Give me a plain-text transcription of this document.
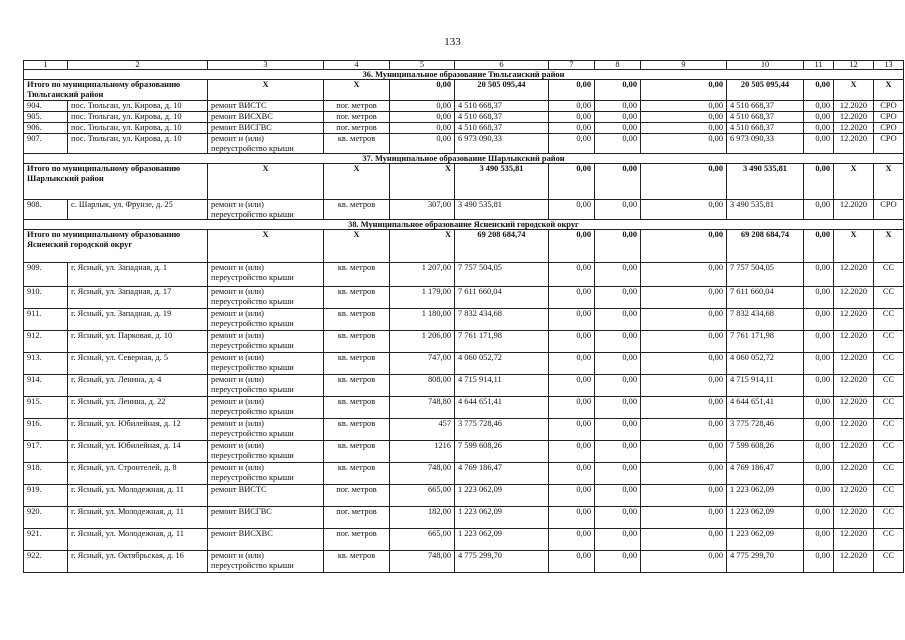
133
1	2	3	4	5	6	7	8	9	10	11	12	13
36. Муниципальное образование Тюльганский район												
Итого по муниципальному образованию Тюльганский район		Х	Х	0,00	20 505 095,44	0,00	0,00	0,00	20 505 095,44	0,00	Х	Х
904.	пос. Тюльган, ул. Кирова, д. 10	ремонт ВИСТС	пог. метров	0,00	4 510 668,37	0,00	0,00	0,00	4 510 668,37	0,00	12.2020	СРО
905.	пос. Тюльган, ул. Кирова, д. 10	ремонт ВИСХВС	пог. метров	0,00	4 510 668,37	0,00	0,00	0,00	4 510 668,37	0,00	12.2020	СРО
906.	пос. Тюльган, ул. Кирова, д. 10	ремонт ВИСГВС	пог. метров	0,00	4 510 668,37	0,00	0,00	0,00	4 510 668,37	0,00	12.2020	СРО
907.	пос. Тюльган, ул. Кирова, д. 10	ремонт и (или) переустройство крыши	кв. метров	0,00	6 973 090,33	0,00	0,00	0,00	6 973 090,33	0,00	12.2020	СРО
37. Муниципальное образование Шарлыкский район												
Итого по муниципальному образованию Шарлыкский район		Х	Х	Х	3 490 535,81	0,00	0,00	0,00	3 490 535,81	0,00	Х	Х
908.	с. Шарлык, ул. Фрунзе, д. 25	ремонт и (или) переустройство крыши	кв. метров	307,00	3 490 535,81	0,00	0,00	0,00	3 490 535,81	0,00	12.2020	СРО
38. Муниципальное образование Ясненский городской округ												
Итого по муниципальному образованию Ясненский городской округ		Х	Х	Х	69 208 684,74	0,00	0,00	0,00	69 208 684,74	0,00	Х	Х
909.	г. Ясный, ул. Западная, д. 1	ремонт и (или) переустройство крыши	кв. метров	1 207,00	7 757 504,05	0,00	0,00	0,00	7 757 504,05	0,00	12.2020	СС
910.	г. Ясный, ул. Западная, д. 17	ремонт и (или) переустройство крыши	кв. метров	1 179,00	7 611 660,04	0,00	0,00	0,00	7 611 660,04	0,00	12.2020	СС
911.	г. Ясный, ул. Западная, д. 19	ремонт и (или) переустройство крыши	кв. метров	1 180,00	7 832 434,68	0,00	0,00	0,00	7 832 434,68	0,00	12.2020	СС
912.	г. Ясный, ул. Парковая, д. 10	ремонт и (или) переустройство крыши	кв. метров	1 206,00	7 761 171,98	0,00	0,00	0,00	7 761 171,98	0,00	12.2020	СС
913.	г. Ясный, ул. Северная, д. 5	ремонт и (или) переустройство крыши	кв. метров	747,00	4 060 052,72	0,00	0,00	0,00	4 060 052,72	0,00	12.2020	СС
914.	г. Ясный, ул. Ленина, д. 4	ремонт и (или) переустройство крыши	кв. метров	808,00	4 715 914,11	0,00	0,00	0,00	4 715 914,11	0,00	12.2020	СС
915.	г. Ясный, ул. Ленина, д. 22	ремонт и (или) переустройство крыши	кв. метров	748,80	4 644 651,41	0,00	0,00	0,00	4 644 651,41	0,00	12.2020	СС
916.	г. Ясный, ул. Юбилейная, д. 12	ремонт и (или) переустройство крыши	кв. метров	457	3 775 728,46	0,00	0,00	0,00	3 775 728,46	0,00	12.2020	СС
917.	г. Ясный, ул. Юбилейная, д. 14	ремонт и (или) переустройство крыши	кв. метров	1216	7 599 608,26	0,00	0,00	0,00	7 599 608,26	0,00	12.2020	СС
918.	г. Ясный, ул. Строителей, д. 8	ремонт и (или) переустройство крыши	кв. метров	748,00	4 769 186,47	0,00	0,00	0,00	4 769 186,47	0,00	12.2020	СС
919.	г. Ясный, ул. Молодежная, д. 11	ремонт ВИСТС	пог. метров	665,00	1 223 062,09	0,00	0,00	0,00	1 223 062,09	0,00	12.2020	СС
920.	г. Ясный, ул. Молодежная, д. 11	ремонт ВИСГВС	пог. метров	182,00	1 223 062,09	0,00	0,00	0,00	1 223 062,09	0,00	12.2020	СС
921.	г. Ясный, ул. Молодежная, д. 11	ремонт ВИСХВС	пог. метров	665,00	1 223 062,09	0,00	0,00	0,00	1 223 062,09	0,00	12.2020	СС
922.	г. Ясный, ул. Октябрьская, д. 16	ремонт и (или) переустройство крыши	кв. метров	748,00	4 775 299,70	0,00	0,00	0,00	4 775 299,70	0,00	12.2020	СС
